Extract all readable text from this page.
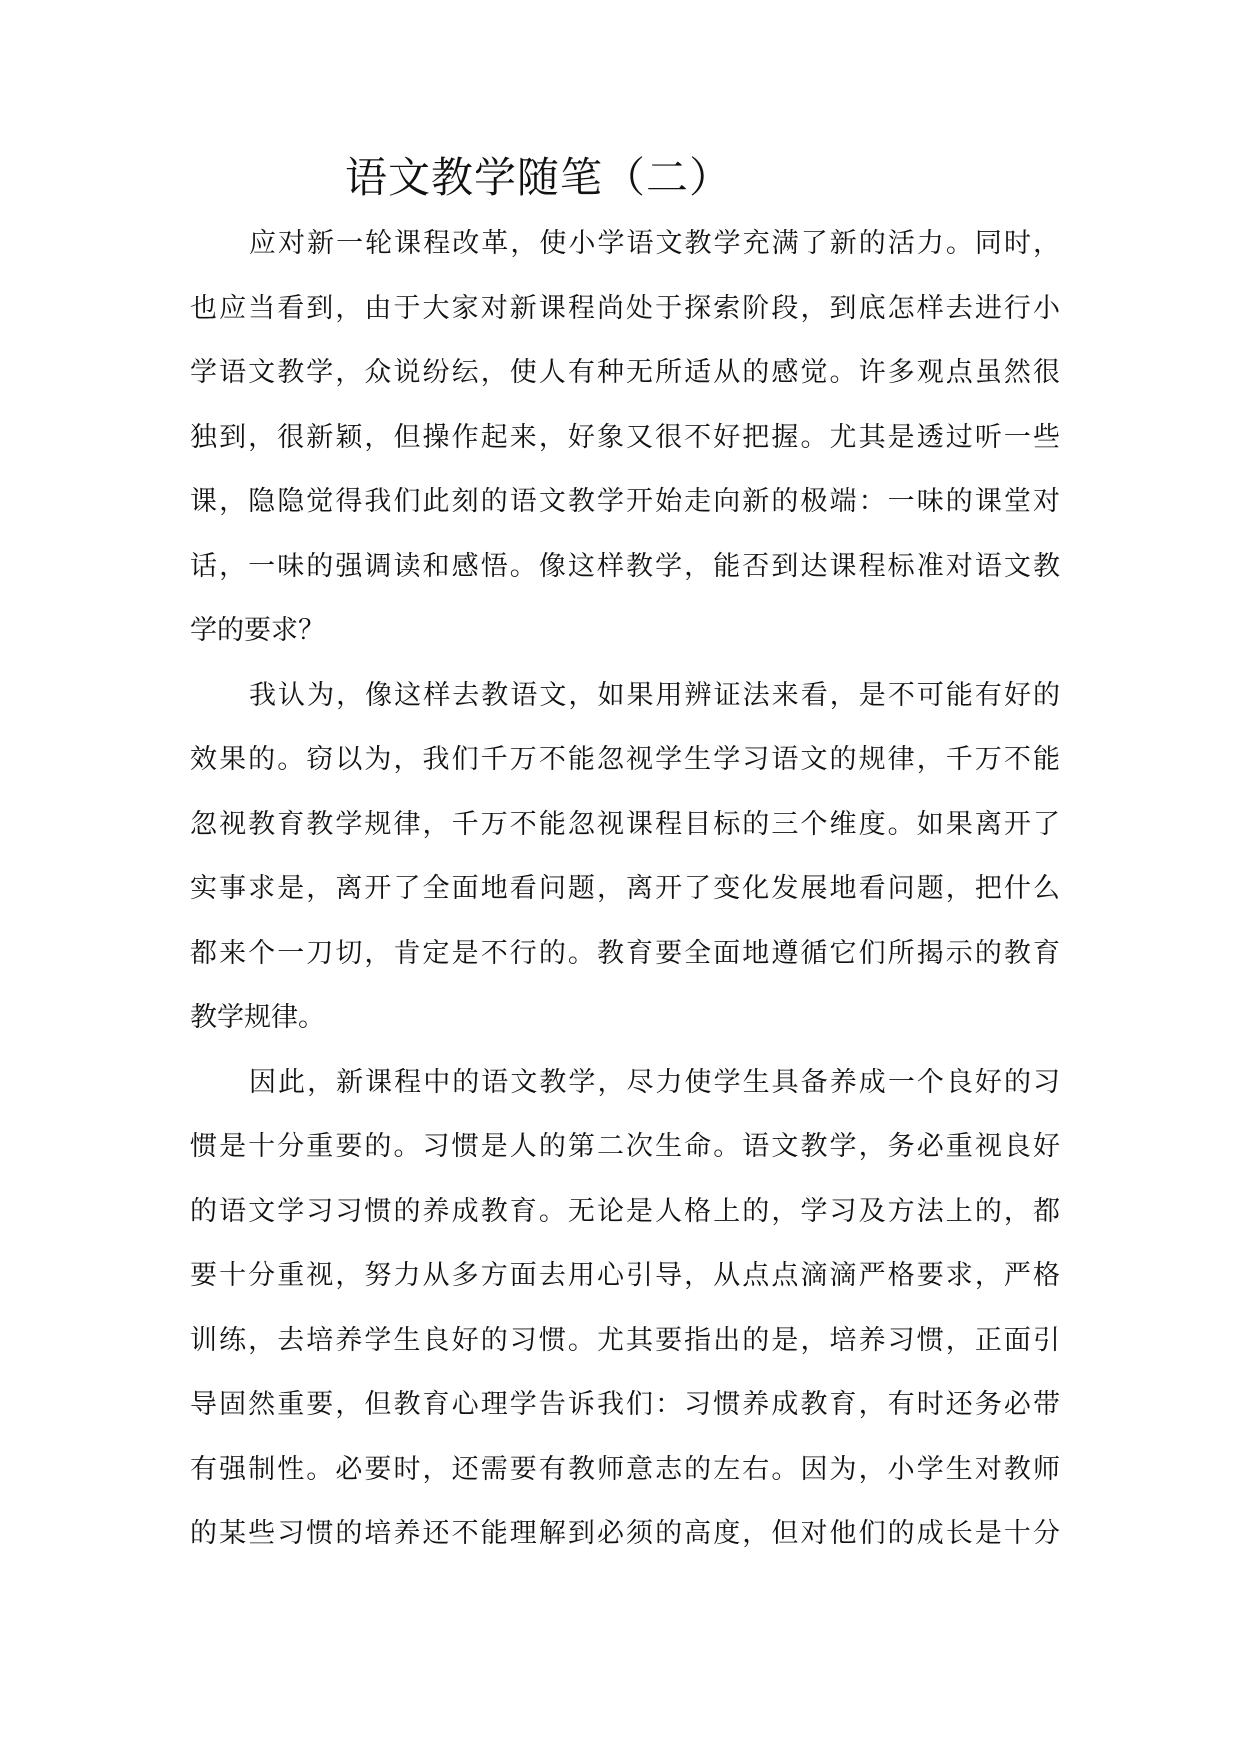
语文教学随笔（二）
应对新一轮课程改革，使小学语文教学充满了新的活力。同时，
也应当看到，由于大家对新课程尚处于探索阶段，到底怎样去进行小
学语文教学，众说纷纭，使人有种无所适从的感觉。许多观点虽然很
独到，很新颖，但操作起来，好象又很不好把握。尤其是透过听一些
课，隐隐觉得我们此刻的语文教学开始走向新的极端：一味的课堂对
话，一味的强调读和感悟。像这样教学，能否到达课程标准对语文教
学的要求？
我认为，像这样去教语文，如果用辨证法来看，是不可能有好的
效果的。窃以为，我们千万不能忽视学生学习语文的规律，千万不能
忽视教育教学规律，千万不能忽视课程目标的三个维度。如果离开了
实事求是，离开了全面地看问题，离开了变化发展地看问题，把什么
都来个一刀切，肯定是不行的。教育要全面地遵循它们所揭示的教育
教学规律。
因此，新课程中的语文教学，尽力使学生具备养成一个良好的习
惯是十分重要的。习惯是人的第二次生命。语文教学，务必重视良好
的语文学习习惯的养成教育。无论是人格上的，学习及方法上的，都
要十分重视，努力从多方面去用心引导，从点点滴滴严格要求，严格
训练，去培养学生良好的习惯。尤其要指出的是，培养习惯，正面引
导固然重要，但教育心理学告诉我们：习惯养成教育，有时还务必带
有强制性。必要时，还需要有教师意志的左右。因为，小学生对教师
的某些习惯的培养还不能理解到必须的高度，但对他们的成长是十分
